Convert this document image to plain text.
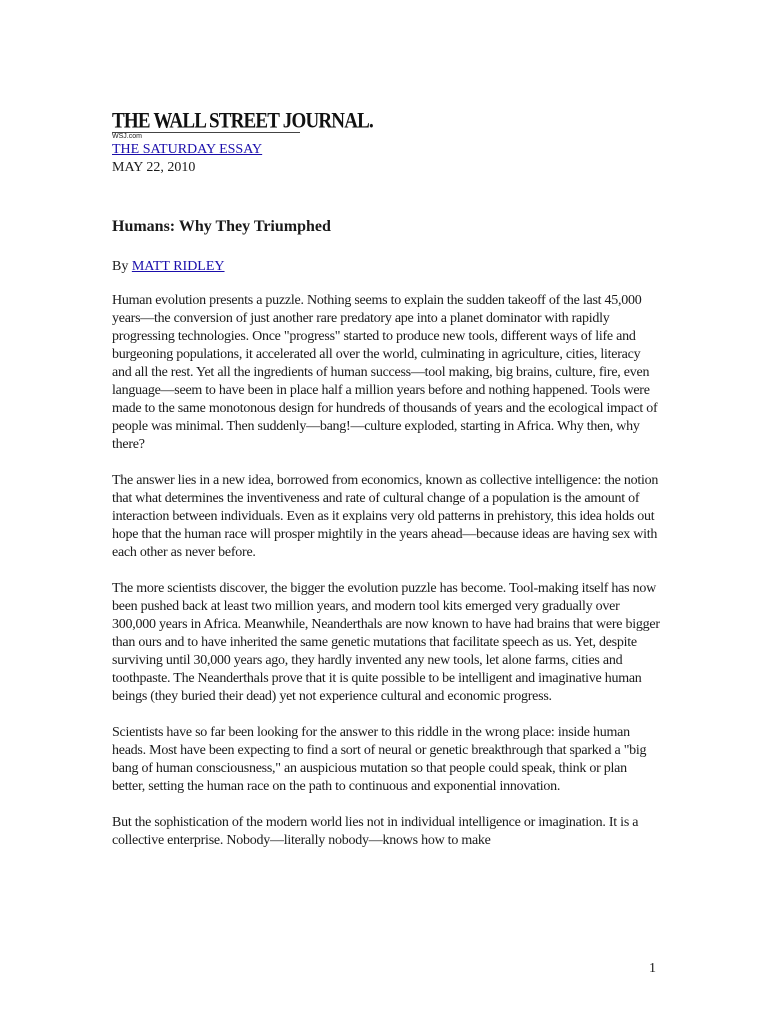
THE WALL STREET JOURNAL.
WSJ.com
THE SATURDAY ESSAY
MAY 22, 2010
Humans: Why They Triumphed
By MATT RIDLEY

Human evolution presents a puzzle. Nothing seems to explain the sudden takeoff of the last 45,000 years—the conversion of just another rare predatory ape into a planet dominator with rapidly progressing technologies. Once "progress" started to produce new tools, different ways of life and burgeoning populations, it accelerated all over the world, culminating in agriculture, cities, literacy and all the rest. Yet all the ingredients of human success—tool making, big brains, culture, fire, even language—seem to have been in place half a million years before and nothing happened. Tools were made to the same monotonous design for hundreds of thousands of years and the ecological impact of people was minimal. Then suddenly—bang!—culture exploded, starting in Africa. Why then, why there?

The answer lies in a new idea, borrowed from economics, known as collective intelligence: the notion that what determines the inventiveness and rate of cultural change of a population is the amount of interaction between individuals. Even as it explains very old patterns in prehistory, this idea holds out hope that the human race will prosper mightily in the years ahead—because ideas are having sex with each other as never before.

The more scientists discover, the bigger the evolution puzzle has become. Tool-making itself has now been pushed back at least two million years, and modern tool kits emerged very gradually over 300,000 years in Africa. Meanwhile, Neanderthals are now known to have had brains that were bigger than ours and to have inherited the same genetic mutations that facilitate speech as us. Yet, despite surviving until 30,000 years ago, they hardly invented any new tools, let alone farms, cities and toothpaste. The Neanderthals prove that it is quite possible to be intelligent and imaginative human beings (they buried their dead) yet not experience cultural and economic progress.

Scientists have so far been looking for the answer to this riddle in the wrong place: inside human heads. Most have been expecting to find a sort of neural or genetic breakthrough that sparked a "big bang of human consciousness," an auspicious mutation so that people could speak, think or plan better, setting the human race on the path to continuous and exponential innovation.

But the sophistication of the modern world lies not in individual intelligence or imagination. It is a collective enterprise. Nobody—literally nobody—knows how to make

1
